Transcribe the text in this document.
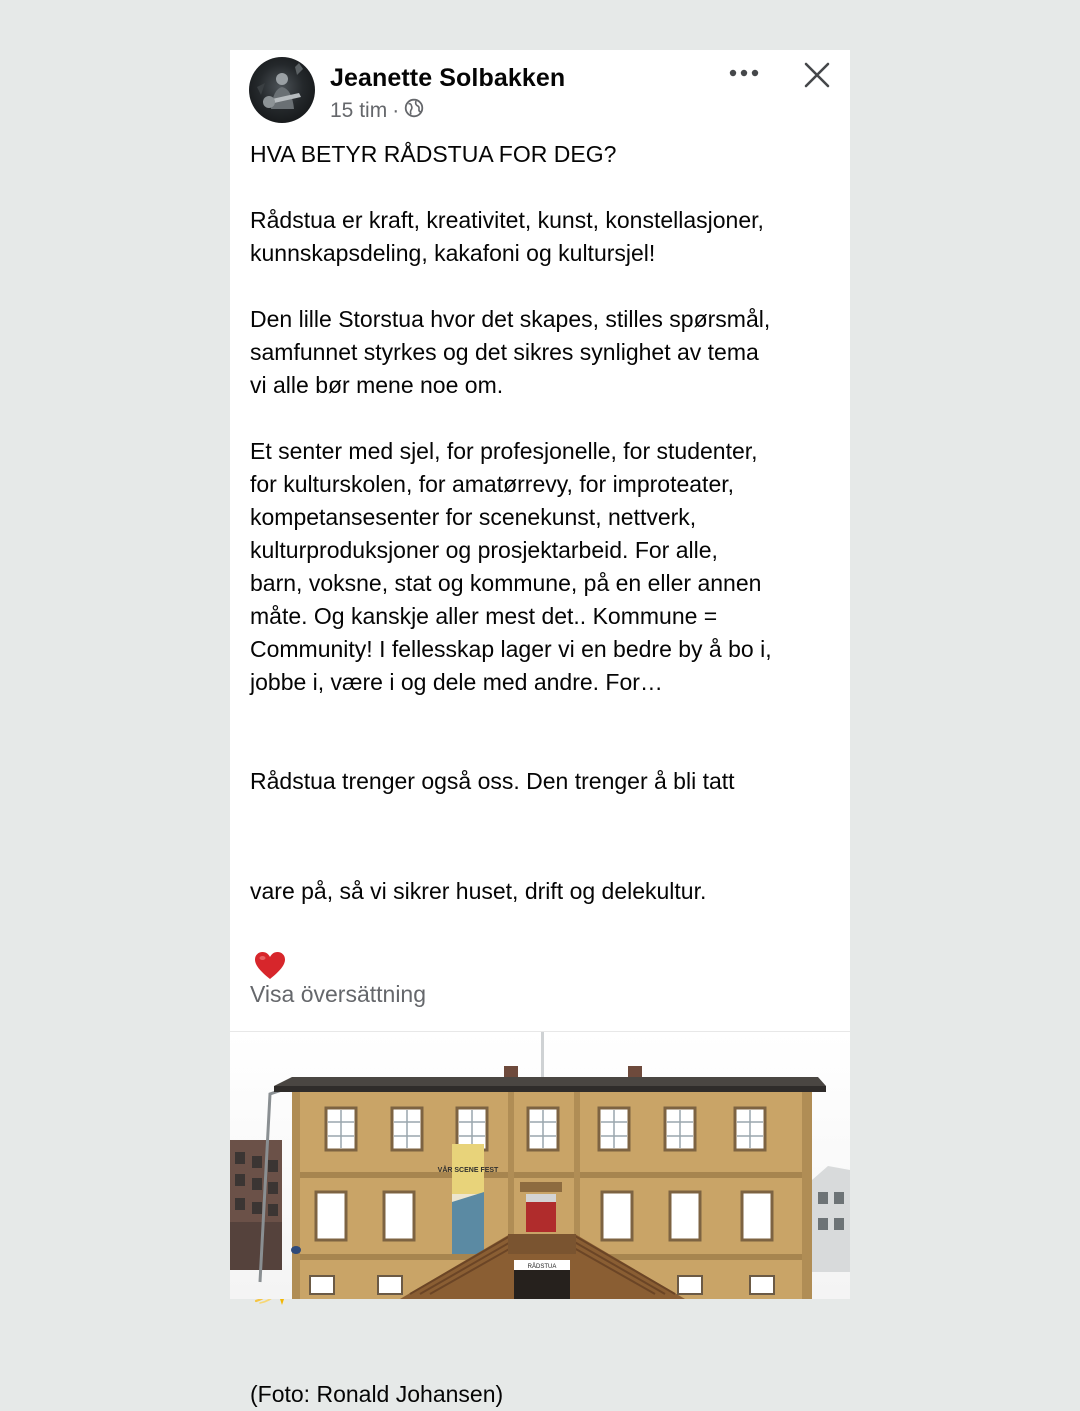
Jeanette Solbakken
15 tim ·

HVA BETYR RÅDSTUA FOR DEG?

Rådstua er kraft, kreativitet, kunst, konstellasjoner,
kunnskapsdeling, kakafoni og kultursjel!

Den lille Storstua hvor det skapes, stilles spørsmål,
samfunnet styrkes og det sikres synlighet av tema
vi alle bør mene noe om.

Et senter med sjel, for profesjonelle, for studenter,
for kulturskolen, for amatørrevy, for improteater,
kompetansesenter for scenekunst, nettverk,
kulturproduksjoner og prosjektarbeid. For alle,
barn, voksne, stat og kommune, på en eller annen
måte. Og kanskje aller mest det.. Kommune =
Community! I fellesskap lager vi en bedre by å bo i,
jobbe i, være i og dele med andre. For…

Rådstua trenger også oss. Den trenger å bli tatt

vare på, så vi sikrer huset, drift og delekultur.

(Foto: Ronald Johansen)

Visa översättning
VÅR SCENE FEST
RÅDSTUA
